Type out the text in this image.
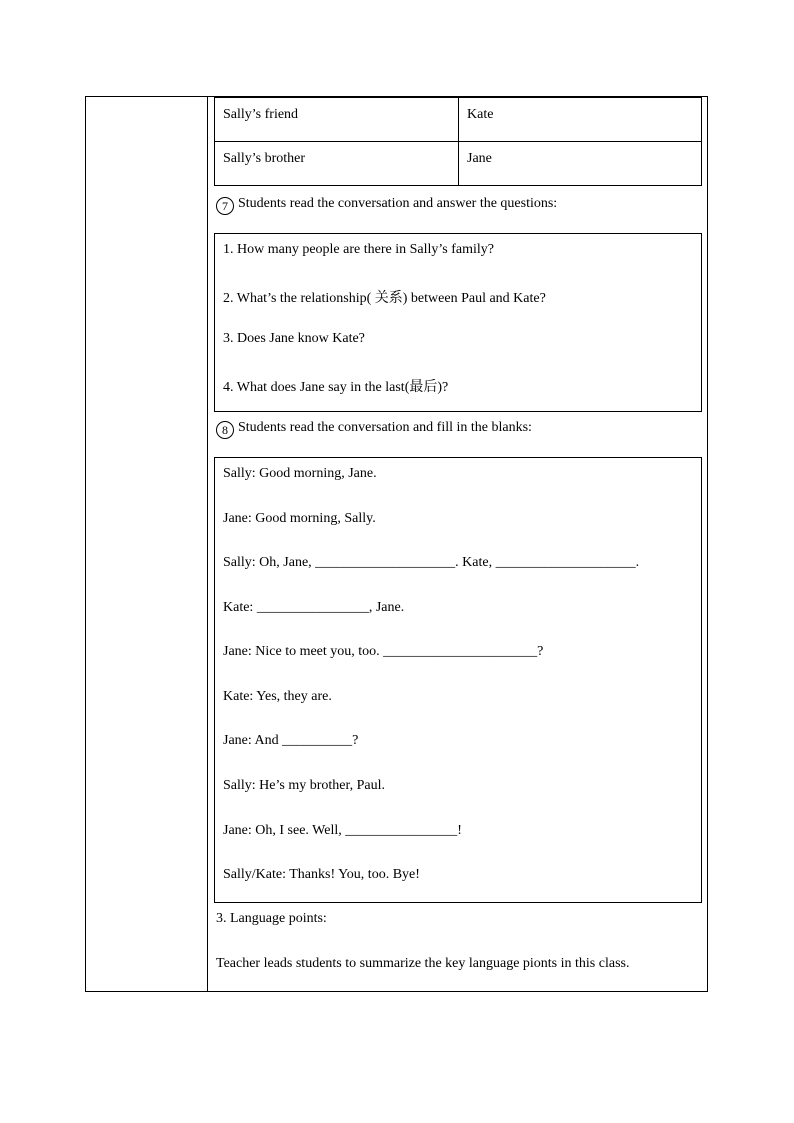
Sally’s friend	Kate
Sally’s brother	Jane
7 Students read the conversation and answer the questions:
1. How many people are there in Sally’s family?
2. What’s the relationship( 关系) between Paul and Kate?
3. Does Jane know Kate?
4. What does Jane say in the last(最后)?
8 Students read the conversation and fill in the blanks:
Sally: Good morning, Jane.
Jane: Good morning, Sally.
Sally: Oh, Jane, ____________________. Kate, ____________________.
Kate: ________________, Jane.
Jane: Nice to meet you, too. ______________________?
Kate: Yes, they are.
Jane: And __________?
Sally: He’s my brother, Paul.
Jane: Oh, I see. Well, ________________!
Sally/Kate: Thanks! You, too. Bye!
3. Language points:
Teacher leads students to summarize the key language pionts in this class.
